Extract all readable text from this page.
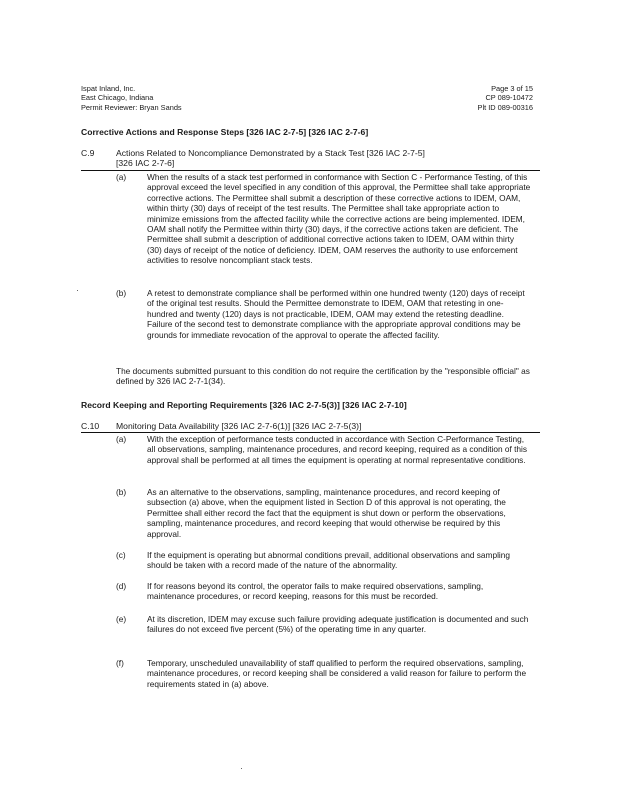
Ispat Inland, Inc.
East Chicago, Indiana
Permit Reviewer: Bryan Sands
Page 3 of 15
CP 089-10472
Plt ID 089-00316
Corrective Actions and Response Steps [326 IAC 2-7-5] [326 IAC 2-7-6]
C.9	Actions Related to Noncompliance Demonstrated by a Stack Test [326 IAC 2-7-5]
[326 IAC 2-7-6]
(a)	When the results of a stack test performed in conformance with Section C - Performance Testing, of this approval exceed the level specified in any condition of this approval, the Permittee shall take appropriate corrective actions. The Permittee shall submit a description of these corrective actions to IDEM, OAM, within thirty (30) days of receipt of the test results. The Permittee shall take appropriate action to minimize emissions from the affected facility while the corrective actions are being implemented. IDEM, OAM shall notify the Permittee within thirty (30) days, if the corrective actions taken are deficient. The Permittee shall submit a description of additional corrective actions taken to IDEM, OAM within thirty (30) days of receipt of the notice of deficiency. IDEM, OAM reserves the authority to use enforcement activities to resolve noncompliant stack tests.
(b)	A retest to demonstrate compliance shall be performed within one hundred twenty (120) days of receipt of the original test results. Should the Permittee demonstrate to IDEM, OAM that retesting in one-hundred and twenty (120) days is not practicable, IDEM, OAM may extend the retesting deadline. Failure of the second test to demonstrate compliance with the appropriate approval conditions may be grounds for immediate revocation of the approval to operate the affected facility.
The documents submitted pursuant to this condition do not require the certification by the "responsible official" as defined by 326 IAC 2-7-1(34).
Record Keeping and Reporting Requirements [326 IAC 2-7-5(3)] [326 IAC 2-7-10]
C.10 Monitoring Data Availability [326 IAC 2-7-6(1)] [326 IAC 2-7-5(3)]
(a)	With the exception of performance tests conducted in accordance with Section C-Performance Testing, all observations, sampling, maintenance procedures, and record keeping, required as a condition of this approval shall be performed at all times the equipment is operating at normal representative conditions.
(b)	As an alternative to the observations, sampling, maintenance procedures, and record keeping of subsection (a) above, when the equipment listed in Section D of this approval is not operating, the Permittee shall either record the fact that the equipment is shut down or perform the observations, sampling, maintenance procedures, and record keeping that would otherwise be required by this approval.
(c)	If the equipment is operating but abnormal conditions prevail, additional observations and sampling should be taken with a record made of the nature of the abnormality.
(d)	If for reasons beyond its control, the operator fails to make required observations, sampling, maintenance procedures, or record keeping, reasons for this must be recorded.
(e)	At its discretion, IDEM may excuse such failure providing adequate justification is documented and such failures do not exceed five percent (5%) of the operating time in any quarter.
(f)	Temporary, unscheduled unavailability of staff qualified to perform the required observations, sampling, maintenance procedures, or record keeping shall be considered a valid reason for failure to perform the requirements stated in (a) above.
